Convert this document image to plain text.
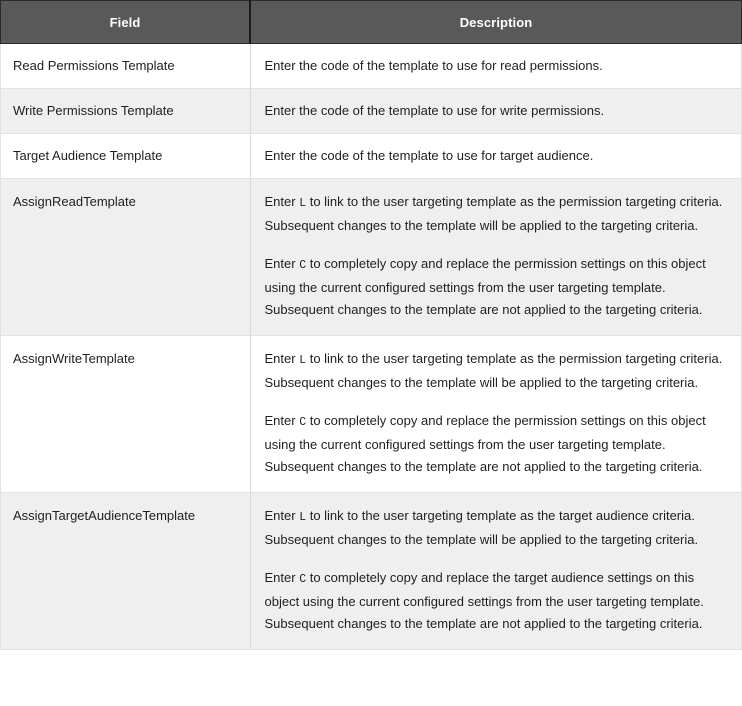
Field	Description
Read Permissions Template	Enter the code of the template to use for read permissions.

Write Permissions Template	Enter the code of the template to use for write permissions.

Target Audience Template	Enter the code of the template to use for target audience.

AssignReadTemplate	Enter L to link to the user targeting template as the permission targeting criteria. Subsequent changes to the template will be applied to the targeting criteria.

Enter C to completely copy and replace the permission settings on this object using the current configured settings from the user targeting template. Subsequent changes to the template are not applied to the targeting criteria.

AssignWriteTemplate	Enter L to link to the user targeting template as the permission targeting criteria. Subsequent changes to the template will be applied to the targeting criteria.

Enter C to completely copy and replace the permission settings on this object using the current configured settings from the user targeting template. Subsequent changes to the template are not applied to the targeting criteria.

AssignTargetAudienceTemplate	Enter L to link to the user targeting template as the target audience criteria. Subsequent changes to the template will be applied to the targeting criteria.

Enter C to completely copy and replace the target audience settings on this object using the current configured settings from the user targeting template. Subsequent changes to the template are not applied to the targeting criteria.
